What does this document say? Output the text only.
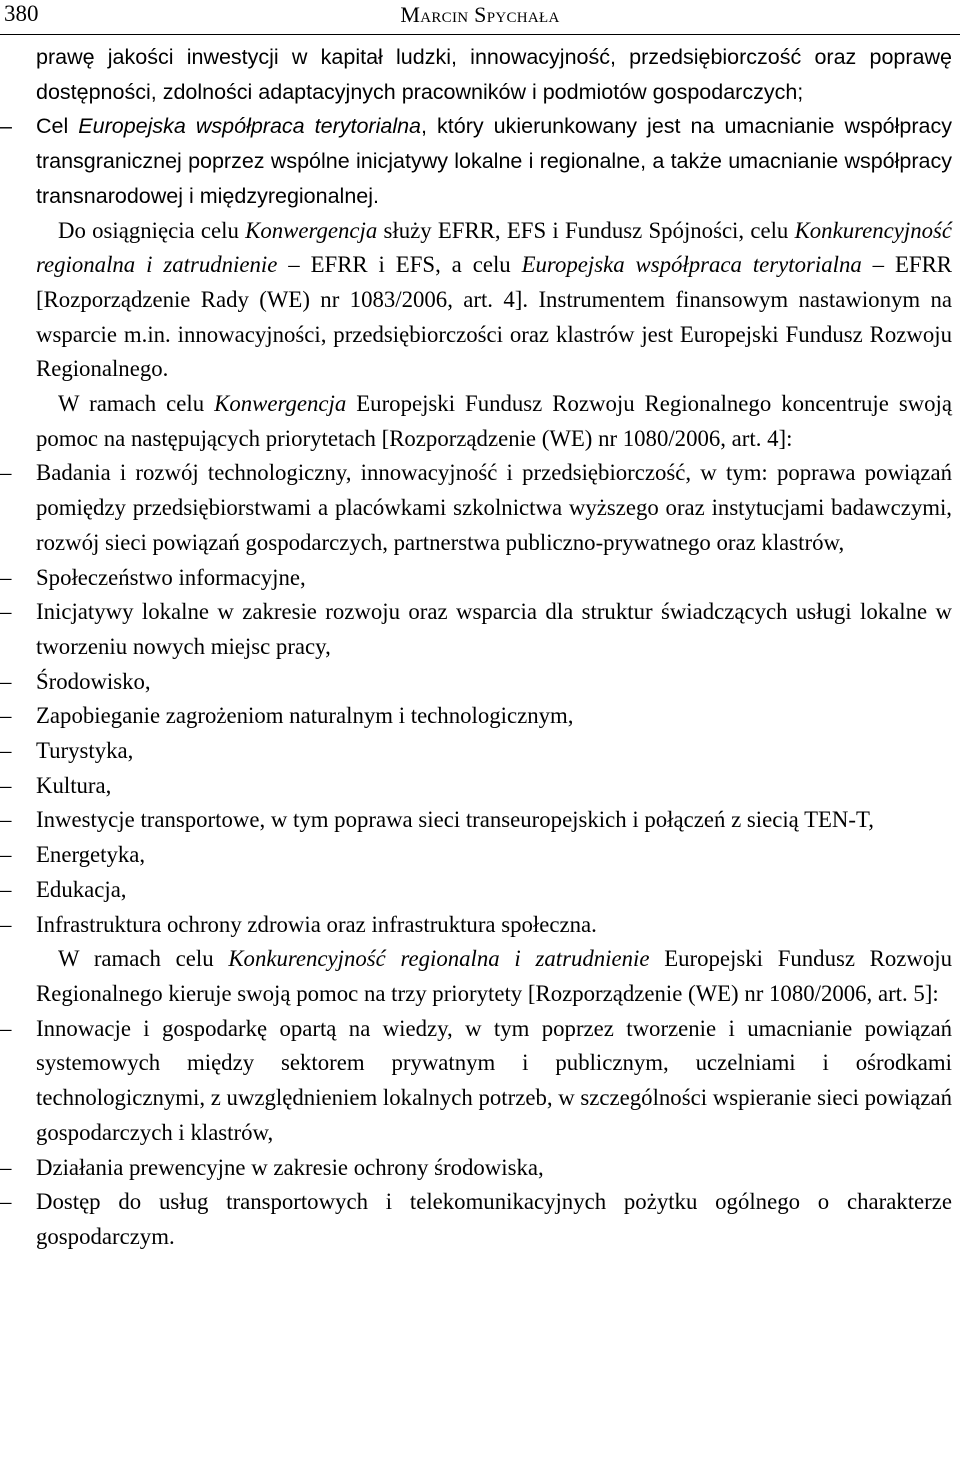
380	Marcin Spychała

prawę jakości inwestycji w kapitał ludzki, innowacyjność, przedsiębiorczość oraz poprawę dostępności, zdolności adaptacyjnych pracowników i podmiotów gospodarczych;

–	Cel Europejska współpraca terytorialna, który ukierunkowany jest na umacnianie współpracy transgranicznej poprzez wspólne inicjatywy lokalne i regionalne, a także umacnianie współpracy transnarodowej i międzyregionalnej.

Do osiągnięcia celu Konwergencja służy EFRR, EFS i Fundusz Spójności, celu Konkurencyjność regionalna i zatrudnienie – EFRR i EFS, a celu Europejska współpraca terytorialna – EFRR [Rozporządzenie Rady (WE) nr 1083/2006, art. 4]. Instrumentem finansowym nastawionym na wsparcie m.in. innowacyjności, przedsiębiorczości oraz klastrów jest Europejski Fundusz Rozwoju Regionalnego.

W ramach celu Konwergencja Europejski Fundusz Rozwoju Regionalnego koncentruje swoją pomoc na następujących priorytetach [Rozporządzenie (WE) nr 1080/2006, art. 4]:

–	Badania i rozwój technologiczny, innowacyjność i przedsiębiorczość, w tym: poprawa powiązań pomiędzy przedsiębiorstwami a placówkami szkolnictwa wyższego oraz instytucjami badawczymi, rozwój sieci powiązań gospodarczych, partnerstwa publiczno-prywatnego oraz klastrów,

–	Społeczeństwo informacyjne,

–	Inicjatywy lokalne w zakresie rozwoju oraz wsparcia dla struktur świadczących usługi lokalne w tworzeniu nowych miejsc pracy,

–	Środowisko,

–	Zapobieganie zagrożeniom naturalnym i technologicznym,

–	Turystyka,

–	Kultura,

–	Inwestycje transportowe, w tym poprawa sieci transeuropejskich i połączeń z siecią TEN-T,

–	Energetyka,

–	Edukacja,

–	Infrastruktura ochrony zdrowia oraz infrastruktura społeczna.

W ramach celu Konkurencyjność regionalna i zatrudnienie Europejski Fundusz Rozwoju Regionalnego kieruje swoją pomoc na trzy priorytety [Rozporządzenie (WE) nr 1080/2006, art. 5]:

–	Innowacje i gospodarkę opartą na wiedzy, w tym poprzez tworzenie i umacnianie powiązań systemowych między sektorem prywatnym i publicznym, uczelniami i ośrodkami technologicznymi, z uwzględnieniem lokalnych potrzeb, w szczególności wspieranie sieci powiązań gospodarczych i klastrów,

–	Działania prewencyjne w zakresie ochrony środowiska,

–	Dostęp do usług transportowych i telekomunikacyjnych pożytku ogólnego o charakterze gospodarczym.
